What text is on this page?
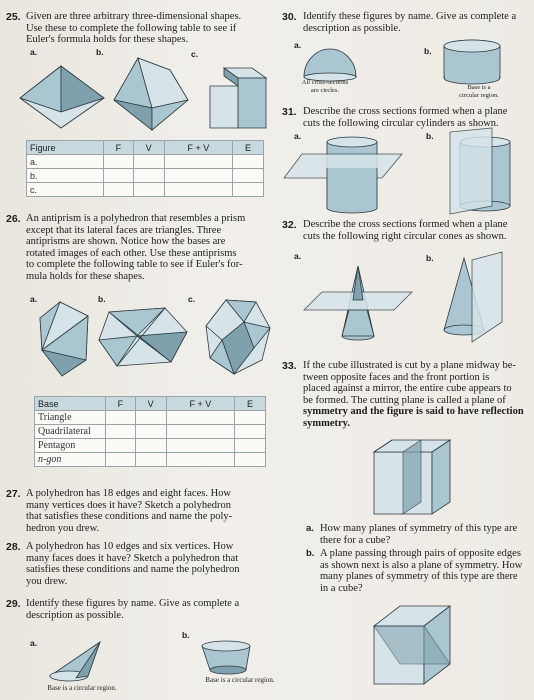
25. Given are three arbitrary three-dimensional shapes.
Use these to complete the following table to see if
Euler's formula holds for these shapes.
a.	b.	c.
Figure	F	V	F + V	E
a.				
b.				
c.				
26. An antiprism is a polyhedron that resembles a prism
except that its lateral faces are triangles. Three
antiprisms are shown. Notice how the bases are
rotated images of each other. Use these antiprisms
to complete the following table to see if Euler's for-
mula holds for these shapes.
a.	b.	c.
Base	F	V	F + V	E
Triangle				
Quadrilateral				
Pentagon				
n-gon				
27. A polyhedron has 18 edges and eight faces. How
many vertices does it have? Sketch a polyhedron
that satisfies these conditions and name the poly-
hedron you drew.
28. A polyhedron has 10 edges and six vertices. How
many faces does it have? Sketch a polyhedron that
satisfies these conditions and name the polyhedron
you drew.
29. Identify these figures by name. Give as complete a
description as possible.
a.
b.
Base is a circular region.
Base is a circular region.
30. Identify these figures by name. Give as complete a
description as possible.
a.
b.
All cross-sections
are circles.	Base is a
circular region.
31. Describe the cross sections formed when a plane
cuts the following circular cylinders as shown.
a.	b.
32. Describe the cross sections formed when a plane
cuts the following right circular cones as shown.
a.	b.
33. If the cube illustrated is cut by a plane midway be-
tween opposite faces and the front portion is
placed against a mirror, the entire cube appears to
be formed. The cutting plane is called a plane of
symmetry and the figure is said to have reflection
symmetry.
a. How many planes of symmetry of this type are
there for a cube?
b. A plane passing through pairs of opposite edges
as shown next is also a plane of symmetry. How
many planes of symmetry of this type are there
in a cube?
